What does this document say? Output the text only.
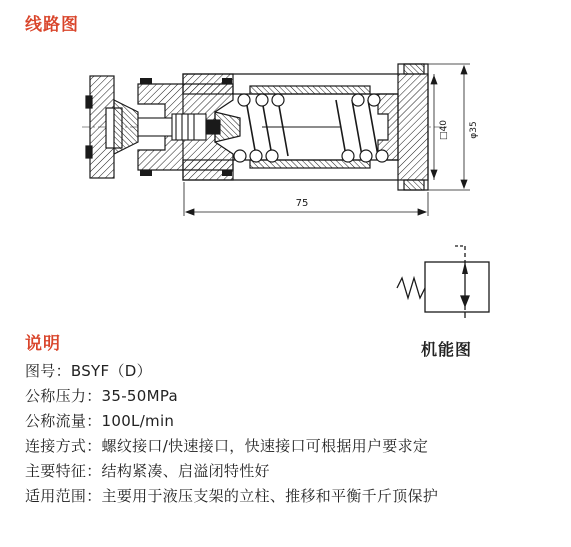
线路图
75
□40 φ35
机能图
说明
图号：BSYF（D）
公称压力：35-50MPa
公称流量：100L/min
连接方式：螺纹接口/快速接口，快速接口可根据用户要求定
主要特征：结构紧凑、启溢闭特性好
适用范围：主要用于液压支架的立柱、推移和平衡千斤顶保护
